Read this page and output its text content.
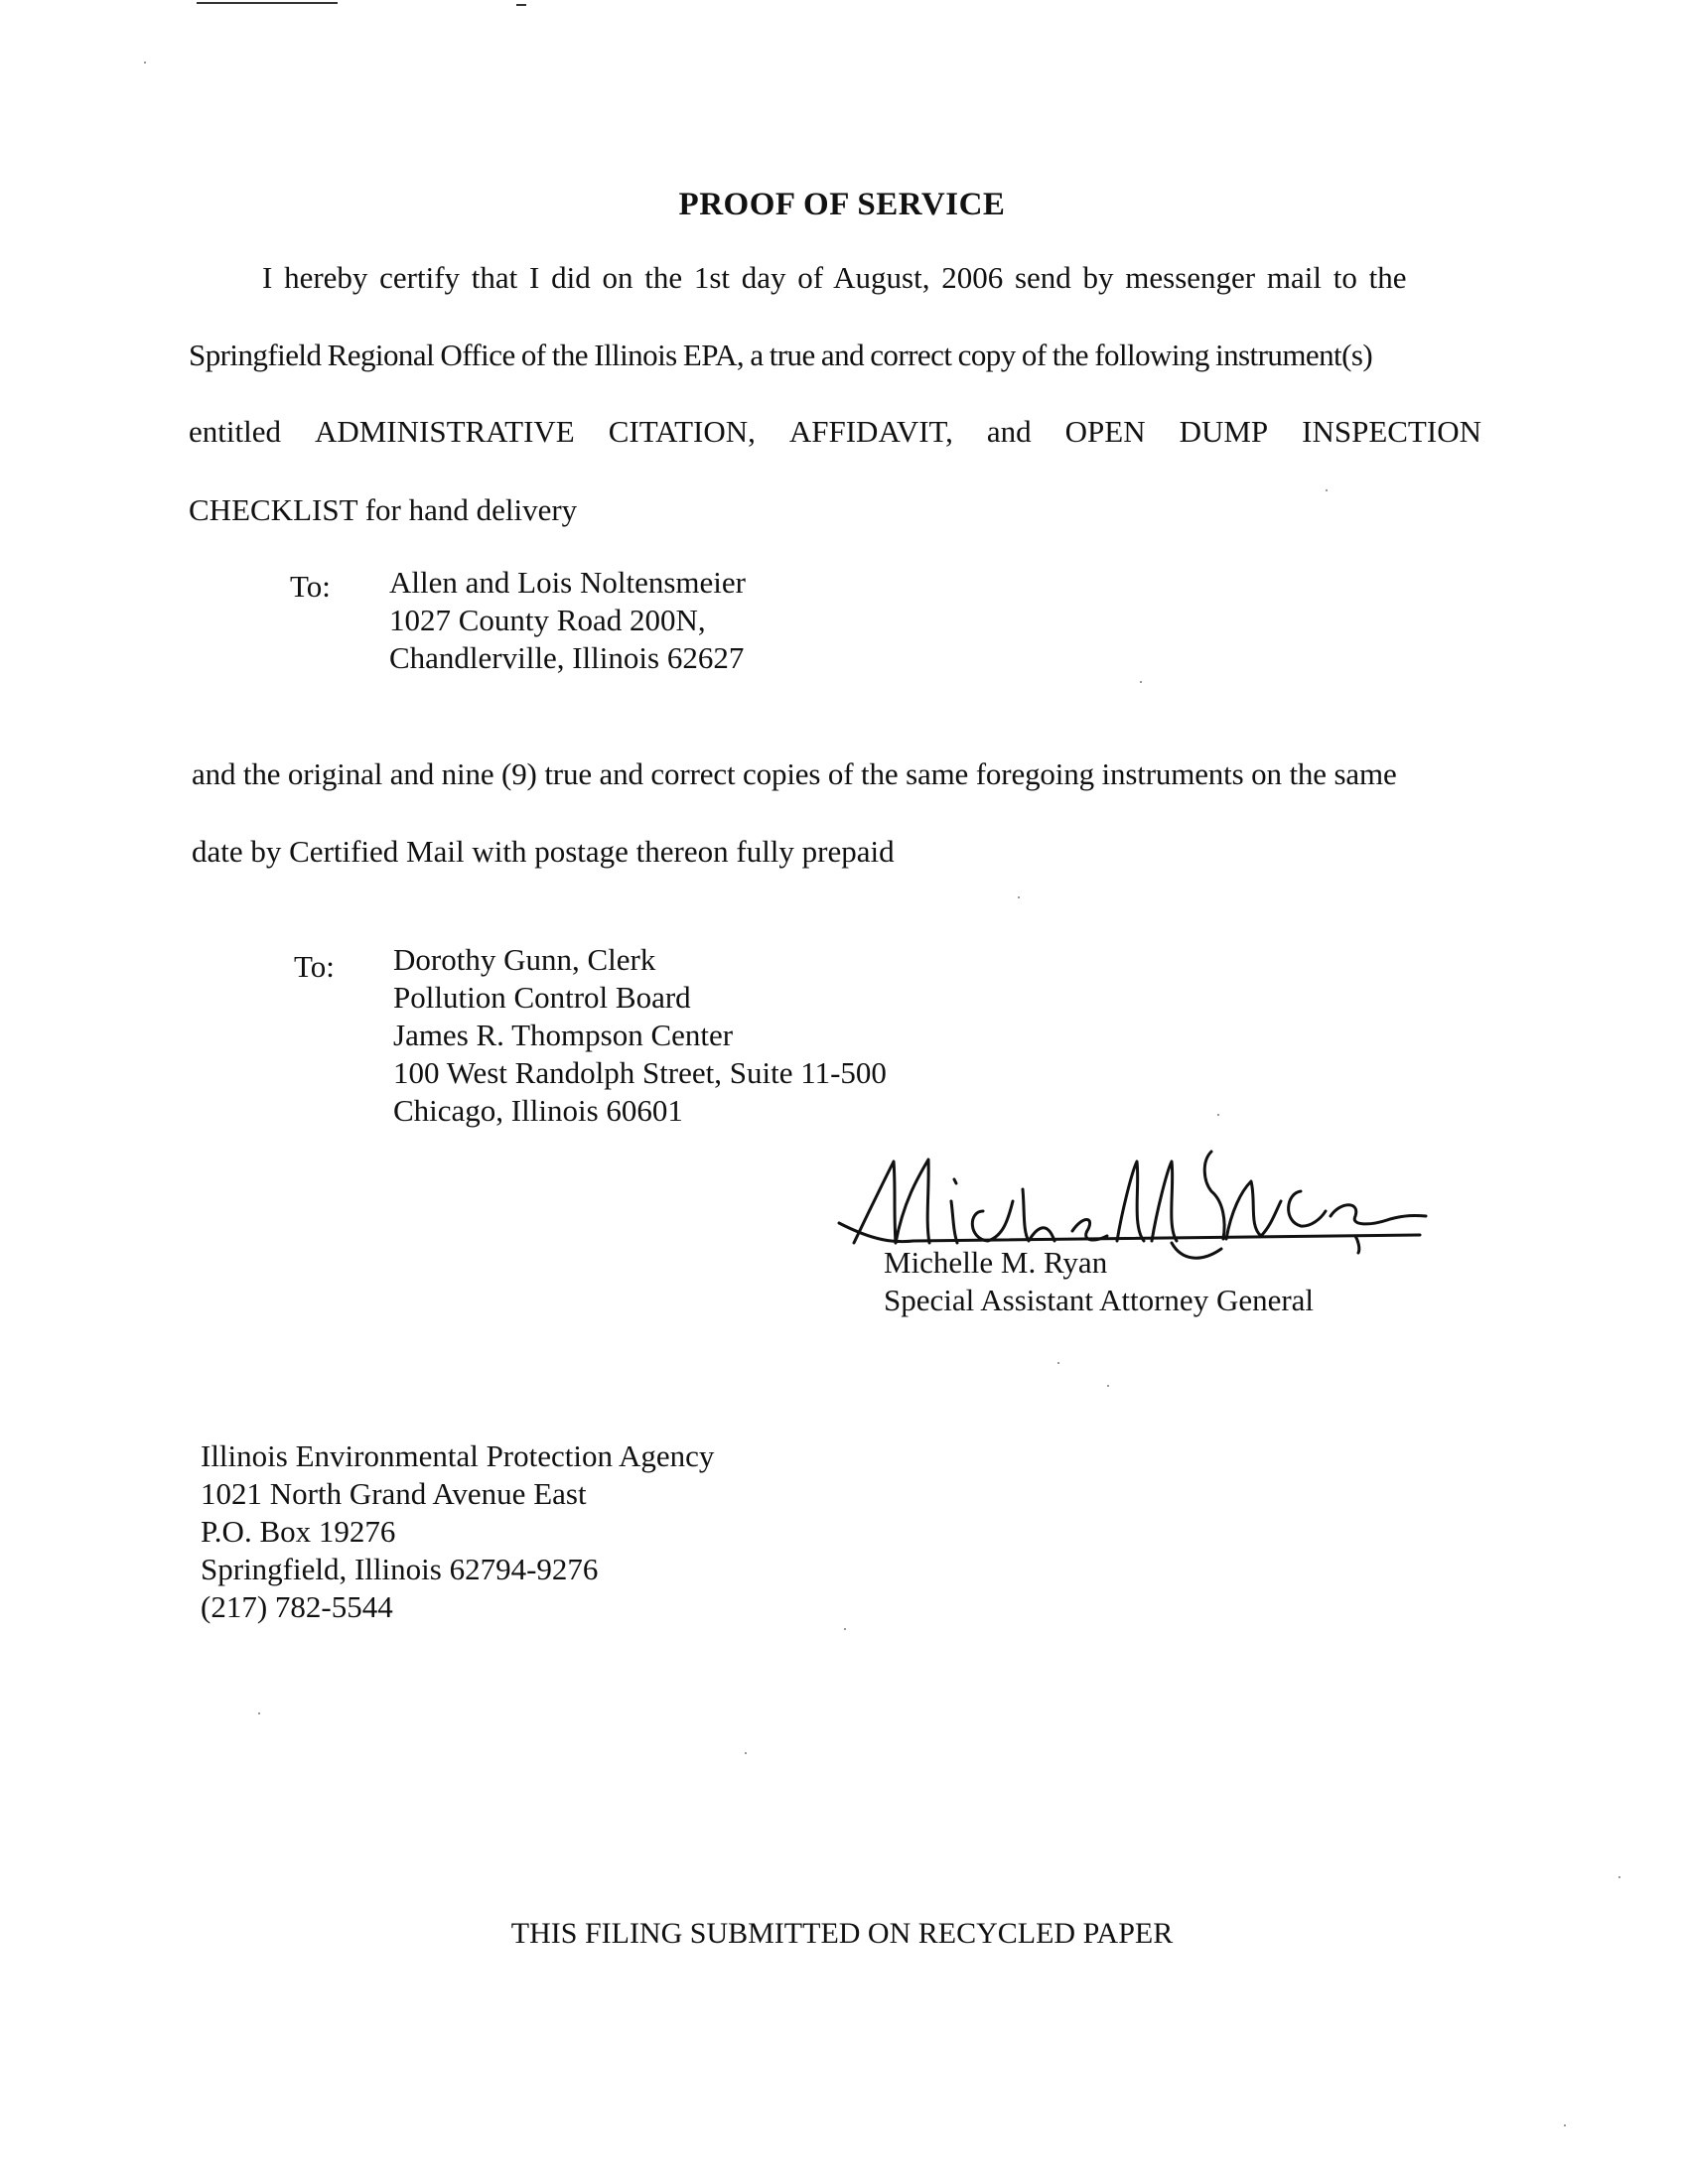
PROOF OF SERVICE
I hereby certify that I did on the 1st day of August, 2006 send by messenger mail to the
Springfield Regional Office of the Illinois EPA, a true and correct copy of the following instrument(s)
entitled ADMINISTRATIVE CITATION, AFFIDAVIT, and OPEN DUMP INSPECTION
CHECKLIST for hand delivery
To: Allen and Lois Noltensmeier
1027 County Road 200N,
Chandlerville, Illinois 62627
and the original and nine (9) true and correct copies of the same foregoing instruments on the same
date by Certified Mail with postage thereon fully prepaid
To: Dorothy Gunn, Clerk
Pollution Control Board
James R. Thompson Center
100 West Randolph Street, Suite 11-500
Chicago, Illinois 60601
Michelle M. Ryan
Special Assistant Attorney General
Illinois Environmental Protection Agency
1021 North Grand Avenue East
P.O. Box 19276
Springfield, Illinois 62794-9276
(217) 782-5544
THIS FILING SUBMITTED ON RECYCLED PAPER
